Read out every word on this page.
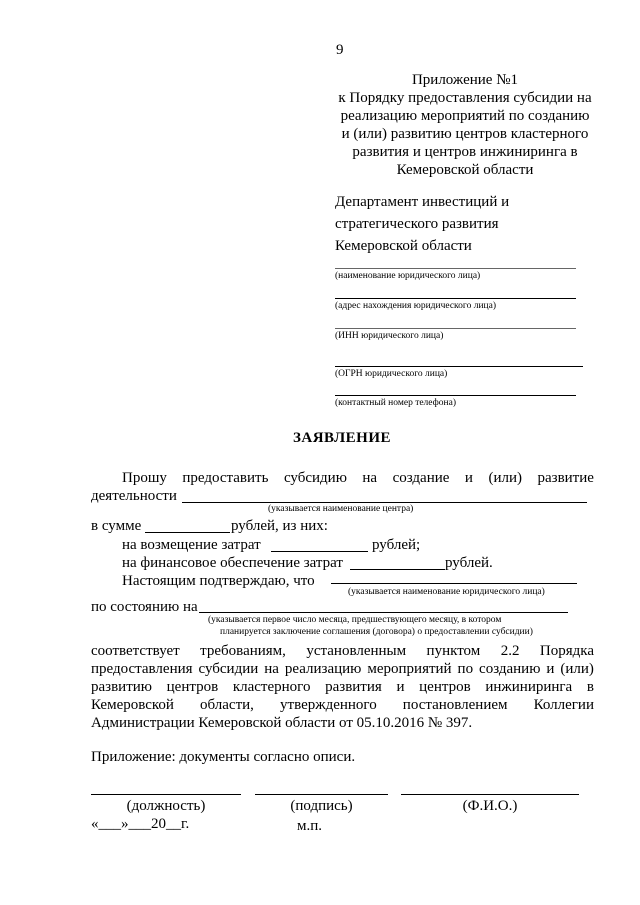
9
Приложение №1
к Порядку предоставления субсидии на
реализацию мероприятий по созданию
и (или) развитию центров кластерного
развития и центров инжиниринга в
Кемеровской области
Департамент инвестиций и
стратегического развития
Кемеровской области
(наименование юридического лица)
(адрес нахождения юридического лица)
(ИНН юридического лица)
(ОГРН юридического лица)
(контактный номер телефона)
ЗАЯВЛЕНИЕ
Прошу предоставить субсидию на создание и (или) развитие
деятельности
(указывается наименование центра)
в сумме	рублей, из них:
на возмещение затрат	рублей;
на финансовое обеспечение затрат	рублей.
Настоящим подтверждаю, что
(указывается наименование юридического лица)
по состоянию на
(указывается первое число месяца, предшествующего месяцу, в котором
планируется заключение соглашения (договора) о предоставлении субсидии)
соответствует требованиям, установленным пунктом 2.2 Порядка
предоставления субсидии на реализацию мероприятий по созданию и (или)
развитию центров кластерного развития и центров инжиниринга в
Кемеровской области, утвержденного постановлением Коллегии
Администрации Кемеровской области от 05.10.2016 № 397.
Приложение: документы согласно описи.
(должность)	(подпись)	(Ф.И.О.)
«___»___20__г.	м.п.
